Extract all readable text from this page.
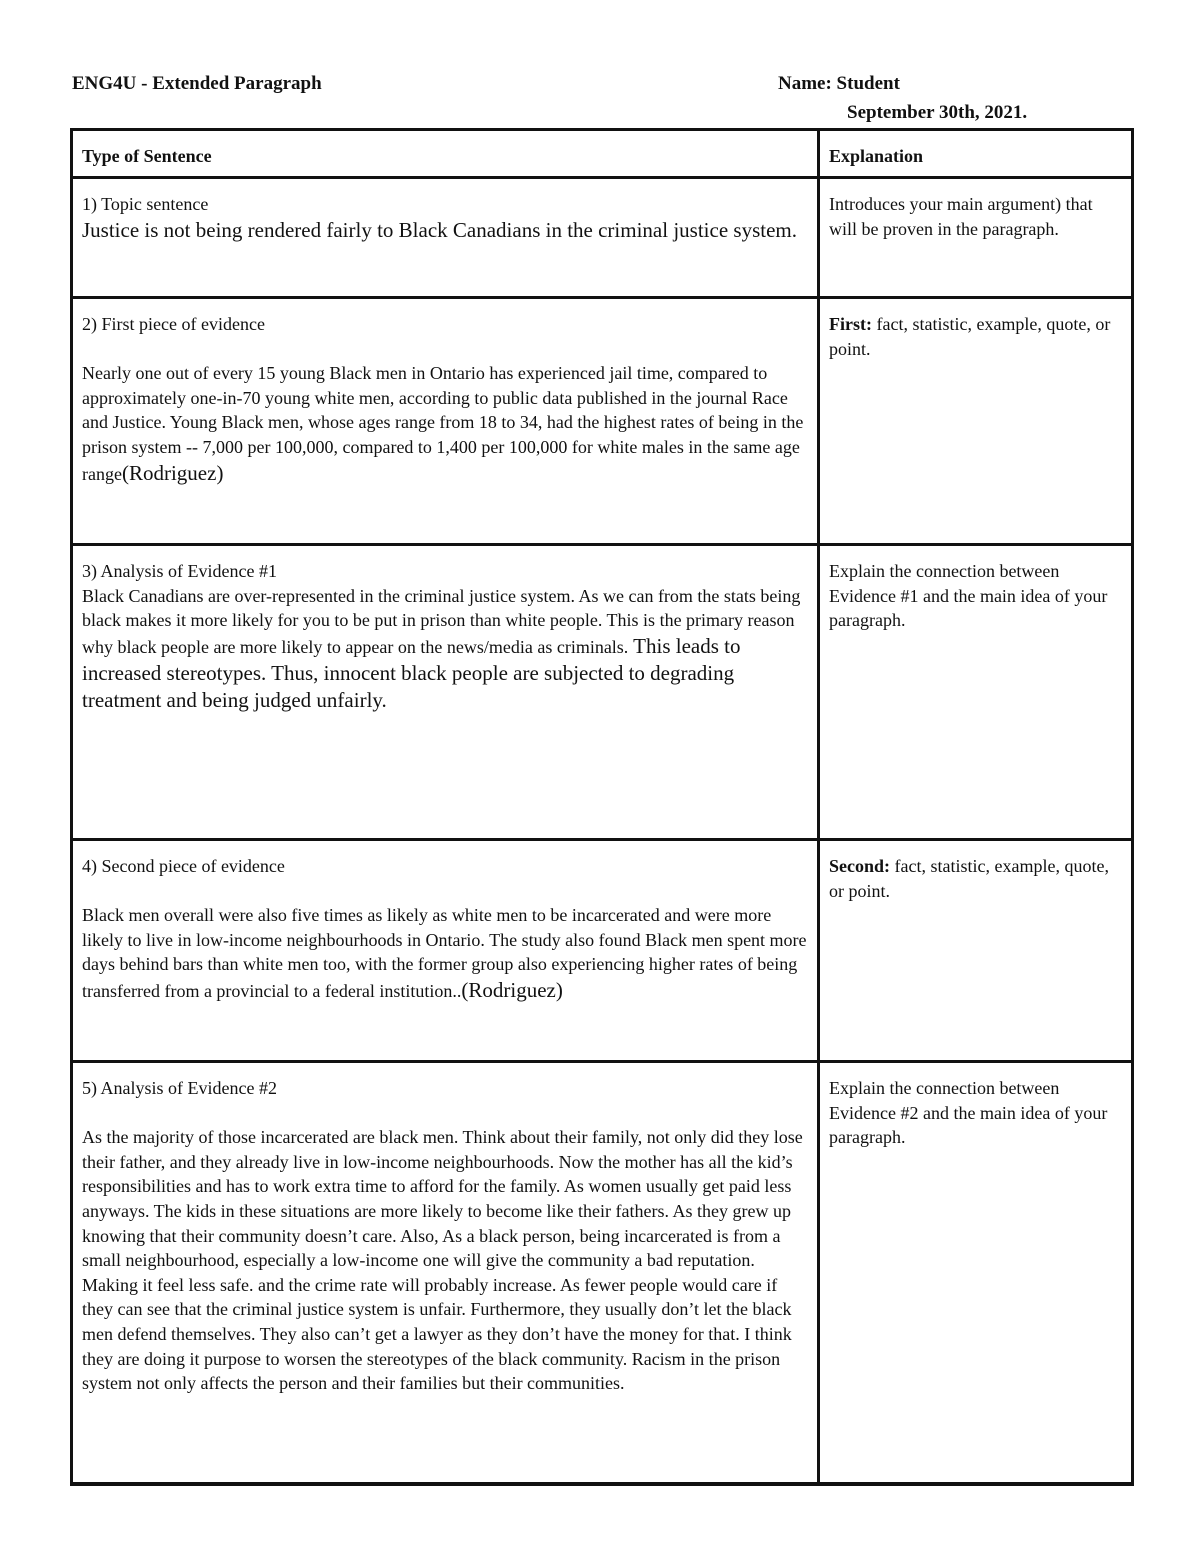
ENG4U - Extended Paragraph	Name: Student
September 30th, 2021.
Type of Sentence	Explanation

1) Topic sentence
Justice is not being rendered fairly to Black Canadians in the criminal justice system.	Introduces your main argument) that will be proven in the paragraph.

2) First piece of evidence
Nearly one out of every 15 young Black men in Ontario has experienced jail time, compared to approximately one-in-70 young white men, according to public data published in the journal Race and Justice. Young Black men, whose ages range from 18 to 34, had the highest rates of being in the prison system -- 7,000 per 100,000, compared to 1,400 per 100,000 for white males in the same age range(Rodriguez)	First: fact, statistic, example, quote, or point.

3) Analysis of Evidence #1
Black Canadians are over-represented in the criminal justice system. As we can from the stats being black makes it more likely for you to be put in prison than white people. This is the primary reason why black people are more likely to appear on the news/media as criminals. This leads to increased stereotypes. Thus, innocent black people are subjected to degrading treatment and being judged unfairly.	Explain the connection between Evidence #1 and the main idea of your paragraph.

4) Second piece of evidence
Black men overall were also five times as likely as white men to be incarcerated and were more likely to live in low-income neighbourhoods in Ontario. The study also found Black men spent more days behind bars than white men too, with the former group also experiencing higher rates of being transferred from a provincial to a federal institution..(Rodriguez)	Second: fact, statistic, example, quote, or point.

5) Analysis of Evidence #2
As the majority of those incarcerated are black men. Think about their family, not only did they lose their father, and they already live in low-income neighbourhoods. Now the mother has all the kid’s responsibilities and has to work extra time to afford for the family. As women usually get paid less anyways. The kids in these situations are more likely to become like their fathers. As they grew up knowing that their community doesn’t care. Also, As a black person, being incarcerated is from a small neighbourhood, especially a low-income one will give the community a bad reputation. Making it feel less safe. and the crime rate will probably increase. As fewer people would care if they can see that the criminal justice system is unfair. Furthermore, they usually don’t let the black men defend themselves. They also can’t get a lawyer as they don’t have the money for that. I think they are doing it purpose to worsen the stereotypes of the black community. Racism in the prison system not only affects the person and their families but their communities.	Explain the connection between Evidence #2 and the main idea of your paragraph.
